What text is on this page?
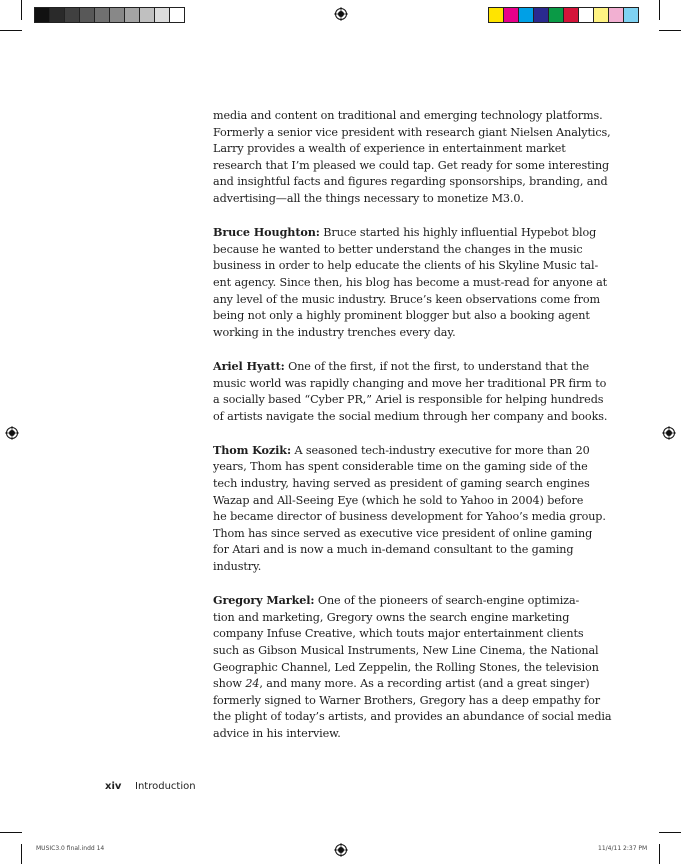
media and content on traditional and emerging technology platforms.
Formerly a senior vice president with research giant Nielsen Analytics,
Larry provides a wealth of experience in entertainment market
research that I’m pleased we could tap. Get ready for some interesting
and insightful facts and figures regarding sponsorships, branding, and
advertising—all the things necessary to monetize M3.0.

Bruce Houghton: Bruce started his highly influential Hypebot blog
because he wanted to better understand the changes in the music
business in order to help educate the clients of his Skyline Music tal-
ent agency. Since then, his blog has become a must-read for anyone at
any level of the music industry. Bruce’s keen observations come from
being not only a highly prominent blogger but also a booking agent
working in the industry trenches every day.

Ariel Hyatt: One of the first, if not the first, to understand that the
music world was rapidly changing and move her traditional PR firm to
a socially based “Cyber PR,” Ariel is responsible for helping hundreds
of artists navigate the social medium through her company and books.

Thom Kozik: A seasoned tech-industry executive for more than 20
years, Thom has spent considerable time on the gaming side of the
tech industry, having served as president of gaming search engines
Wazap and All-Seeing Eye (which he sold to Yahoo in 2004) before
he became director of business development for Yahoo’s media group.
Thom has since served as executive vice president of online gaming
for Atari and is now a much in-demand consultant to the gaming
industry.

Gregory Markel: One of the pioneers of search-engine optimiza-
tion and marketing, Gregory owns the search engine marketing
company Infuse Creative, which touts major entertainment clients
such as Gibson Musical Instruments, New Line Cinema, the National
Geographic Channel, Led Zeppelin, the Rolling Stones, the television
show 24, and many more. As a recording artist (and a great singer)
formerly signed to Warner Brothers, Gregory has a deep empathy for
the plight of today’s artists, and provides an abundance of social media
advice in his interview.

xiv Introduction
MUSIC3.0 final.indd 14	11/4/11 2:37 PM
